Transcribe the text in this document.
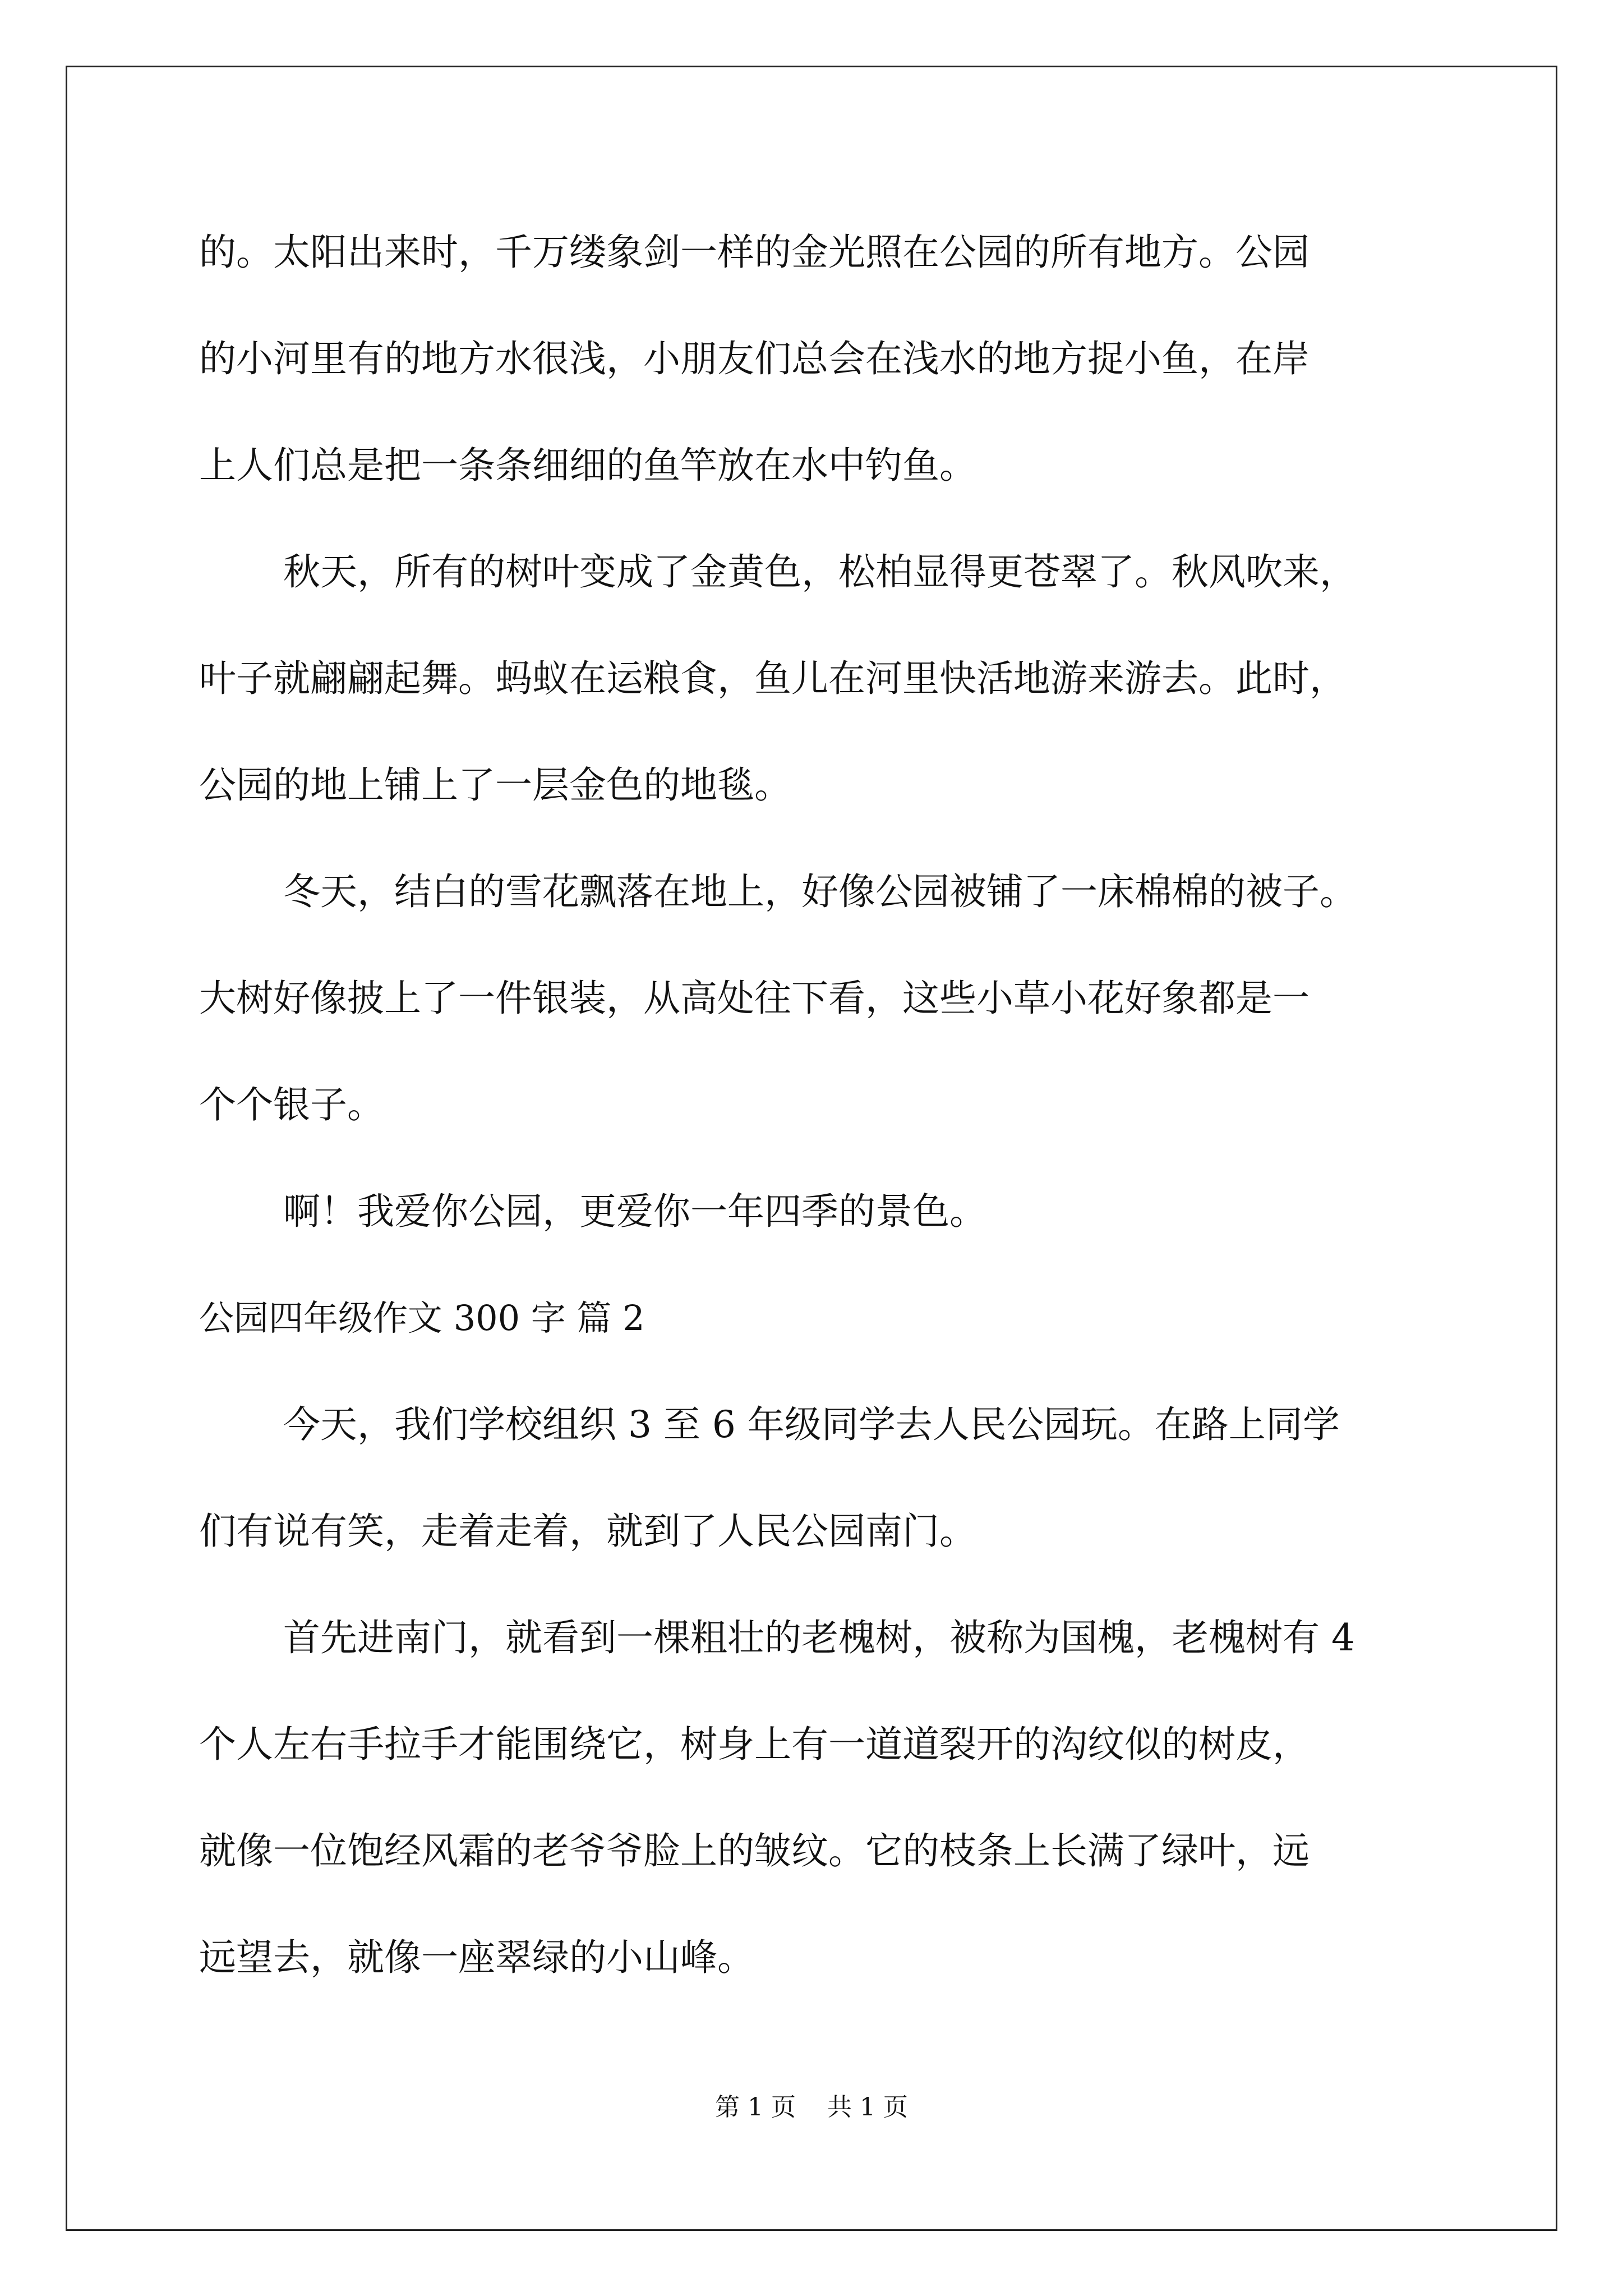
的。太阳出来时，千万缕象剑一样的金光照在公园的所有地方。公园
的小河里有的地方水很浅，小朋友们总会在浅水的地方捉小鱼，在岸
上人们总是把一条条细细的鱼竿放在水中钓鱼。
秋天，所有的树叶变成了金黄色，松柏显得更苍翠了。秋风吹来，
叶子就翩翩起舞。蚂蚁在运粮食，鱼儿在河里快活地游来游去。此时，
公园的地上铺上了一层金色的地毯。
冬天，结白的雪花飘落在地上，好像公园被铺了一床棉棉的被子。
大树好像披上了一件银装，从高处往下看，这些小草小花好象都是一
个个银子。
啊！我爱你公园，更爱你一年四季的景色。
公园四年级作文 300 字 篇 2
今天，我们学校组织 3 至 6 年级同学去人民公园玩。在路上同学
们有说有笑，走着走着，就到了人民公园南门。
首先进南门，就看到一棵粗壮的老槐树，被称为国槐，老槐树有 4
个人左右手拉手才能围绕它，树身上有一道道裂开的沟纹似的树皮，
就像一位饱经风霜的老爷爷脸上的皱纹。它的枝条上长满了绿叶，远
远望去，就像一座翠绿的小山峰。
第 1 页    共 1 页
